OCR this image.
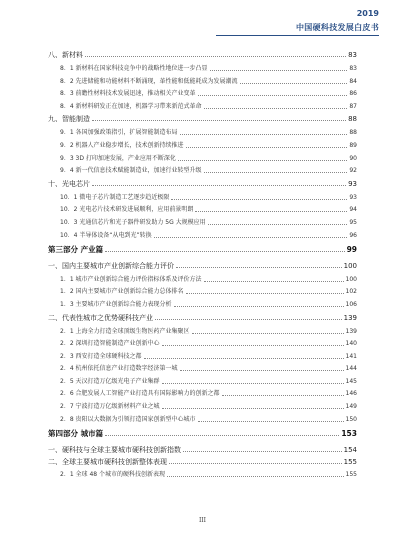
2019
中国硬科技发展白皮书
八、新材料	83
8．1 新材料在国家科技竞争中的战略性地位进一步凸显	83
8．2 先进储能和功能材料不断涌现，革性能和低能耗成为发展潮流	84
8．3 前瞻性材料技术发展迅速，推动相关产业变革	86
8．4 新材料研发正在加速，机器学习带来新范式革命	87
九、智能制造	88
9．1 各国加强政策指引，扩展智能制造布局	88
9．2 机器人产业稳步增长，技术创新持续推进	89
9．3 3D 打印加速发展，产业应用不断深化	90
9．4 新一代信息技术赋能制造业，加速行业转型升级	92
十、光电芯片	93
10．1 微电子芯片制造工艺逐步趋近极限	93
10．2 光电芯片技术研发进展顺利，应用前景明朗	94
10．3 光通信芯片和光子器件研发助力 5G 大规模应用	95
10．4 半导体设备“从电到光”转换	96
第三部分 产业篇	99
一、国内主要城市产业创新综合能力评价	100
1．1 城市产业创新综合能力评价指标体系及评价方法	100
1．2 国内主要城市产业创新综合能力总体排名	102
1．3 主要城市产业创新综合能力表现分析	106
二、代表性城市之优势硬科技产业	139
2．1 上海全力打造全球顶级生物医药产业集聚区	139
2．2 深圳打造智能制造产业创新中心	140
2．3 西安打造全球硬科技之都	141
2．4 杭州依托信息产业打造数字经济第一城	144
2．5 天汉打造万亿级光电子产业集群	145
2．6 合肥发展人工智能产业打造具有国际影响力的创新之都	146
2．7 宁波打造万亿级新材料产业之城	149
2．8 贵阳以大数据为引领打造国家创新型中心城市	150
第四部分 城市篇	153
一、硬科技与全球主要城市硬科技创新指数	154
二、全球主要城市硬科技创新整体表现	155
2．1 全球 48 个城市的硬科技创新表现	155
III
